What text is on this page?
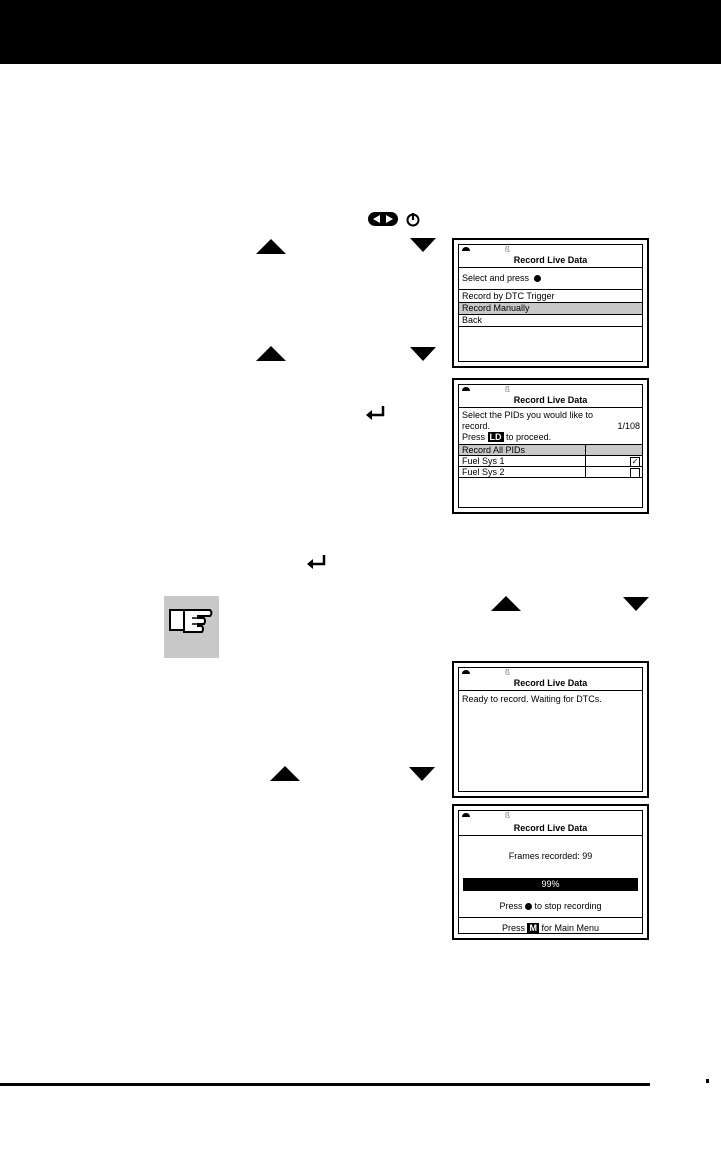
ß
Record Live Data
Select and press
Record by DTC Trigger
Record Manually
Back
ß
Record Live Data
Select the PIDs you would like to
record.	1/108
Press LD to proceed.
Record All PIDs
Fuel Sys 1	✓
Fuel Sys 2
ß
Record Live Data
Ready to record. Waiting for DTCs.
ß
Record Live Data
Frames recorded: 99
99%
Press to stop recording
Press M for Main Menu
